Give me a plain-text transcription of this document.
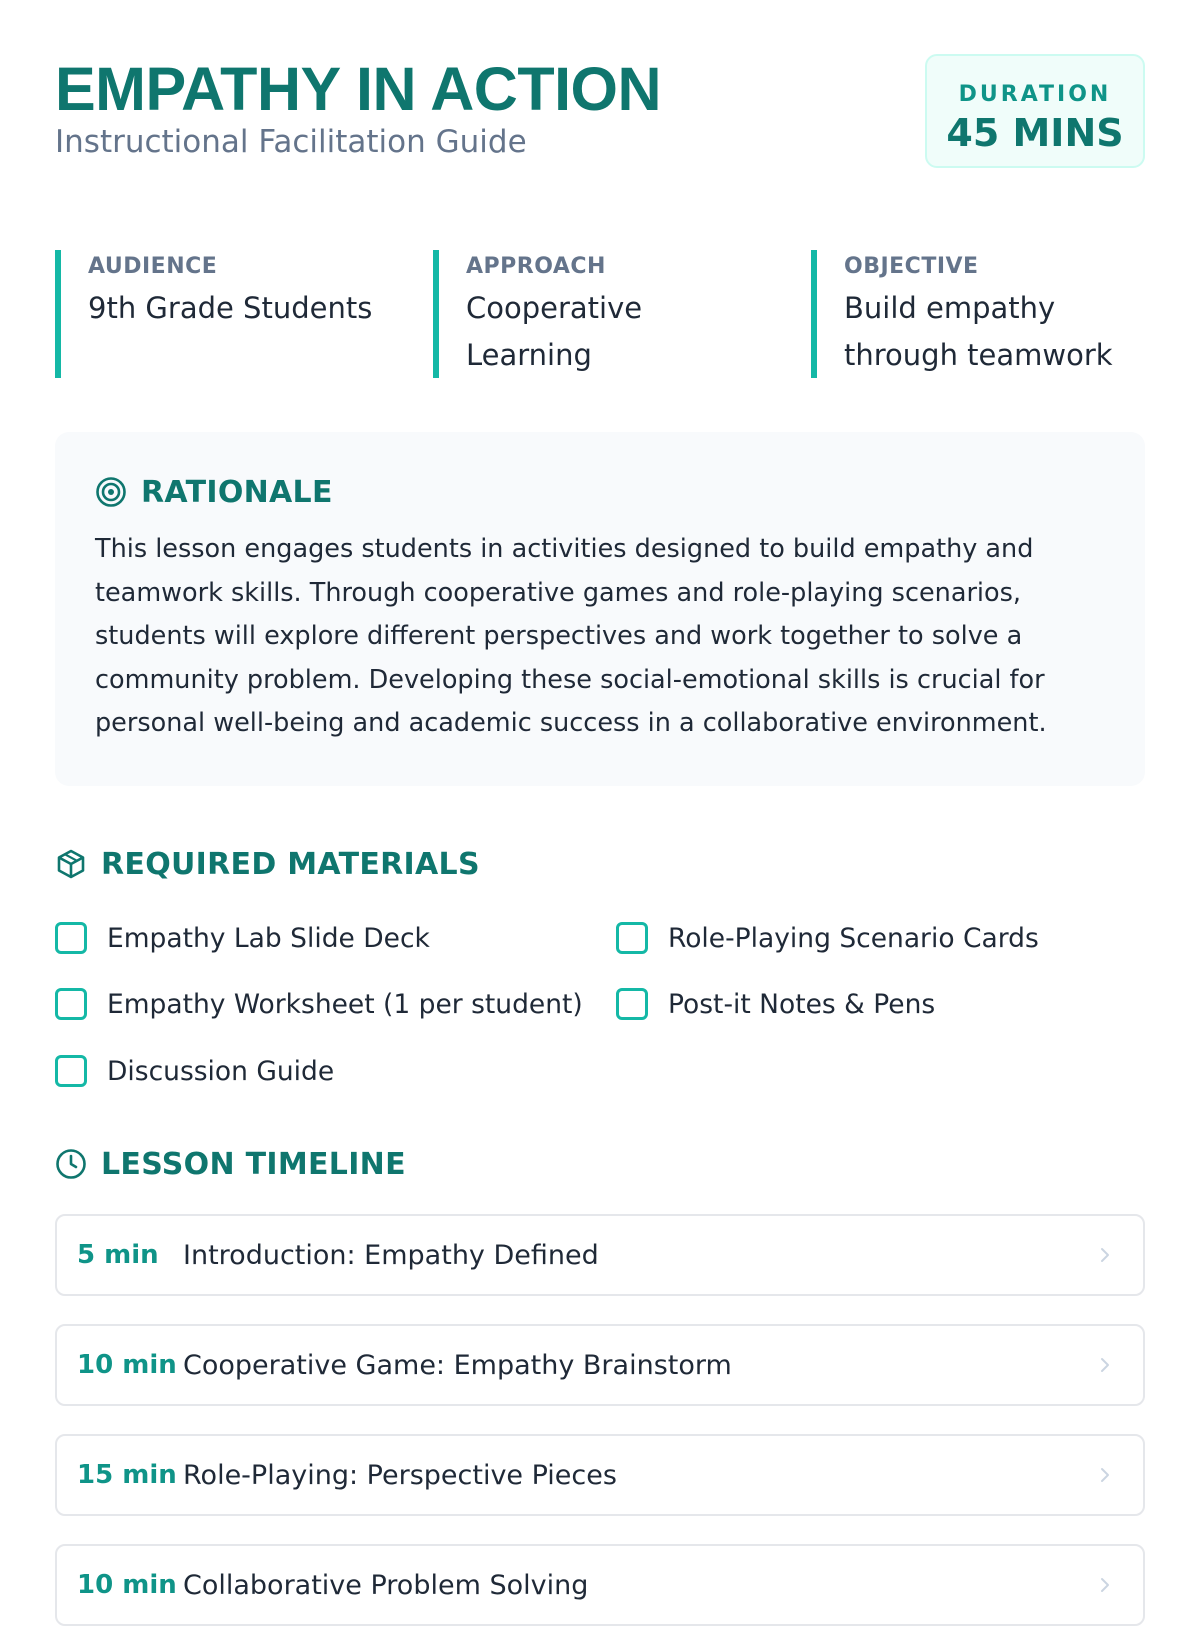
EMPATHY IN ACTION
Instructional Facilitation Guide
DURATION
45 MINS
AUDIENCE
9th Grade Students
APPROACH
Cooperative
Learning
OBJECTIVE
Build empathy
through teamwork
RATIONALE

This lesson engages students in activities designed to build empathy and
teamwork skills. Through cooperative games and role-playing scenarios,
students will explore different perspectives and work together to solve a
community problem. Developing these social-emotional skills is crucial for
personal well-being and academic success in a collaborative environment.

REQUIRED MATERIALS
Empathy Lab Slide Deck	Role-Playing Scenario Cards
Empathy Worksheet (1 per student)	Post-it Notes & Pens
Discussion Guide
LESSON TIMELINE
5 min Introduction: Empathy Defined
10 min Cooperative Game: Empathy Brainstorm
15 min Role-Playing: Perspective Pieces
10 min Collaborative Problem Solving
